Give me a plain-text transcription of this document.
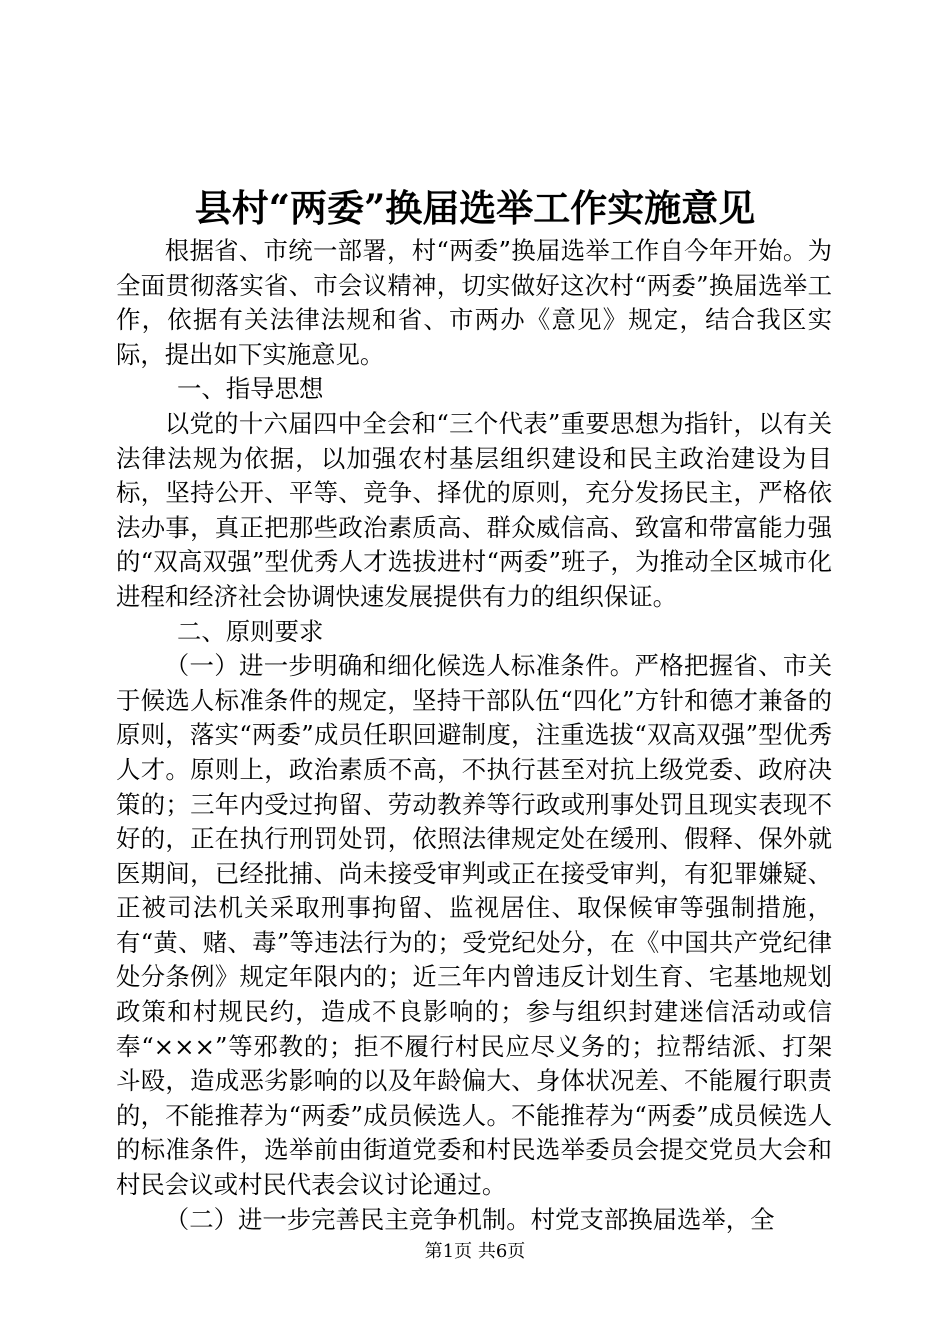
县村“两委”换届选举工作实施意见

根据省、市统一部署，村“两委”换届选举工作自今年开始。为全面贯彻落实省、市会议精神，切实做好这次村“两委”换届选举工作，依据有关法律法规和省、市两办《意见》规定，结合我区实际，提出如下实施意见。

一、指导思想

以党的十六届四中全会和“三个代表”重要思想为指针，以有关法律法规为依据，以加强农村基层组织建设和民主政治建设为目标，坚持公开、平等、竞争、择优的原则，充分发扬民主，严格依法办事，真正把那些政治素质高、群众威信高、致富和带富能力强的“双高双强”型优秀人才选拔进村“两委”班子，为推动全区城市化进程和经济社会协调快速发展提供有力的组织保证。

二、原则要求

（一）进一步明确和细化候选人标准条件。严格把握省、市关于候选人标准条件的规定，坚持干部队伍“四化”方针和德才兼备的原则，落实“两委”成员任职回避制度，注重选拔“双高双强”型优秀人才。原则上，政治素质不高，不执行甚至对抗上级党委、政府决策的；三年内受过拘留、劳动教养等行政或刑事处罚且现实表现不好的，正在执行刑罚处罚，依照法律规定处在缓刑、假释、保外就医期间，已经批捕、尚未接受审判或正在接受审判，有犯罪嫌疑、正被司法机关采取刑事拘留、监视居住、取保候审等强制措施，有“黄、赌、毒”等违法行为的；受党纪处分，在《中国共产党纪律处分条例》规定年限内的；近三年内曾违反计划生育、宅基地规划政策和村规民约，造成不良影响的；参与组织封建迷信活动或信奉“×××”等邪教的；拒不履行村民应尽义务的；拉帮结派、打架斗殴，造成恶劣影响的以及年龄偏大、身体状况差、不能履行职责的，不能推荐为“两委”成员候选人。不能推荐为“两委”成员候选人的标准条件，选举前由街道党委和村民选举委员会提交党员大会和村民会议或村民代表会议讨论通过。

（二）进一步完善民主竞争机制。村党支部换届选举，全

第1页 共6页
